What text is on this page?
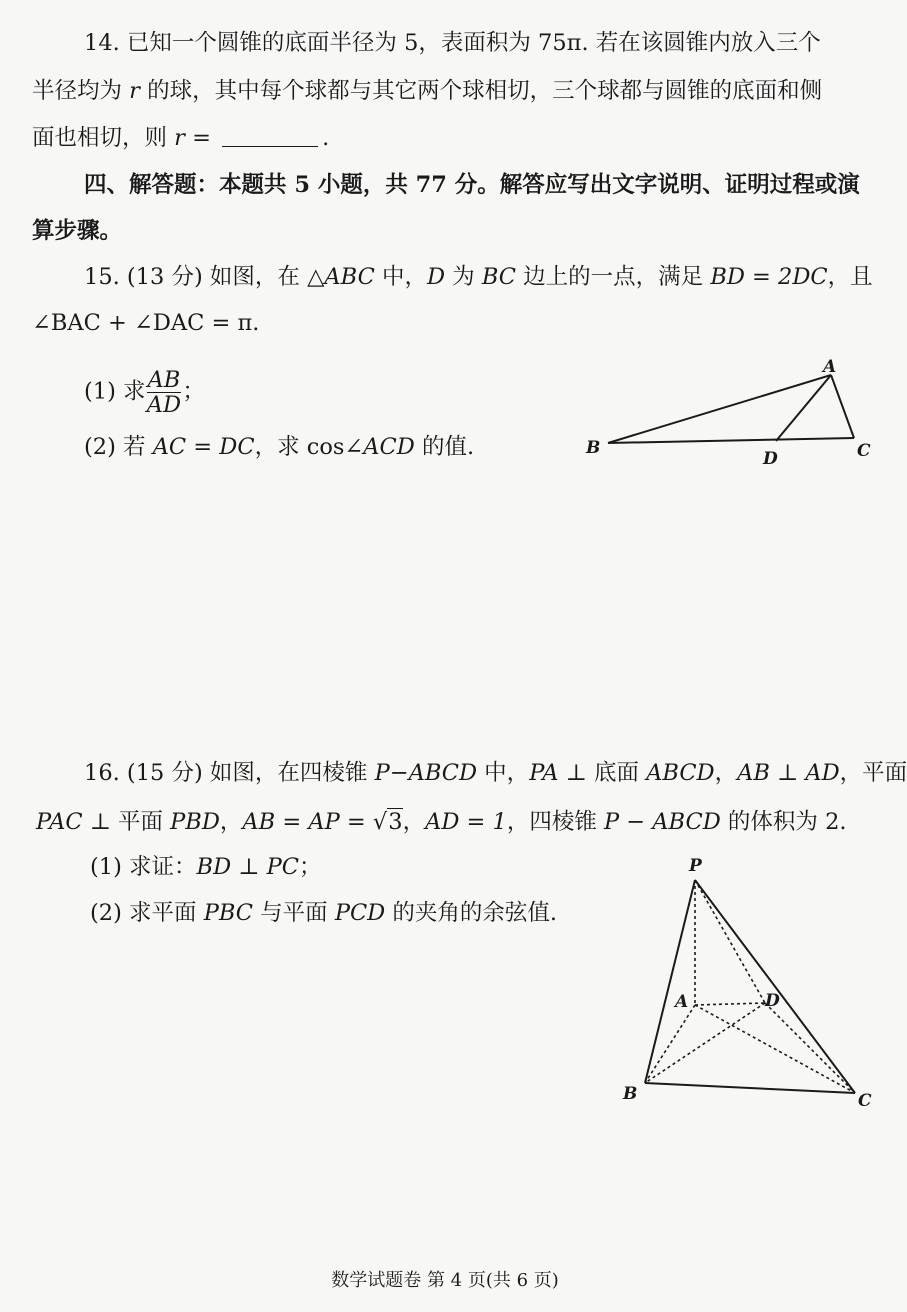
14. 已知一个圆锥的底面半径为 5，表面积为 75π. 若在该圆锥内放入三个
半径均为 r 的球，其中每个球都与其它两个球相切，三个球都与圆锥的底面和侧
面也相切，则 r =	.
四、解答题：本题共 5 小题，共 77 分。解答应写出文字说明、证明过程或演
算步骤。
15. (13 分) 如图，在 △ABC 中，D 为 BC 边上的一点，满足 BD = 2DC，且
∠BAC + ∠DAC = π.
(1) 求 $\frac{AB}{AD}$ ；
(2) 若 AC = DC，求 cos∠ACD 的值.
A
B	C
D
16. (15 分) 如图，在四棱锥 P−ABCD 中，PA ⊥ 底面 ABCD，AB ⊥ AD，平面
PAC ⊥ 平面 PBD，AB = AP = √3，AD = 1，四棱锥 P − ABCD 的体积为 2.
(1) 求证：BD ⊥ PC；
(2) 求平面 PBC 与平面 PCD 的夹角的余弦值.
P
A	D
B	C
数学试题卷 第 4 页(共 6 页)
